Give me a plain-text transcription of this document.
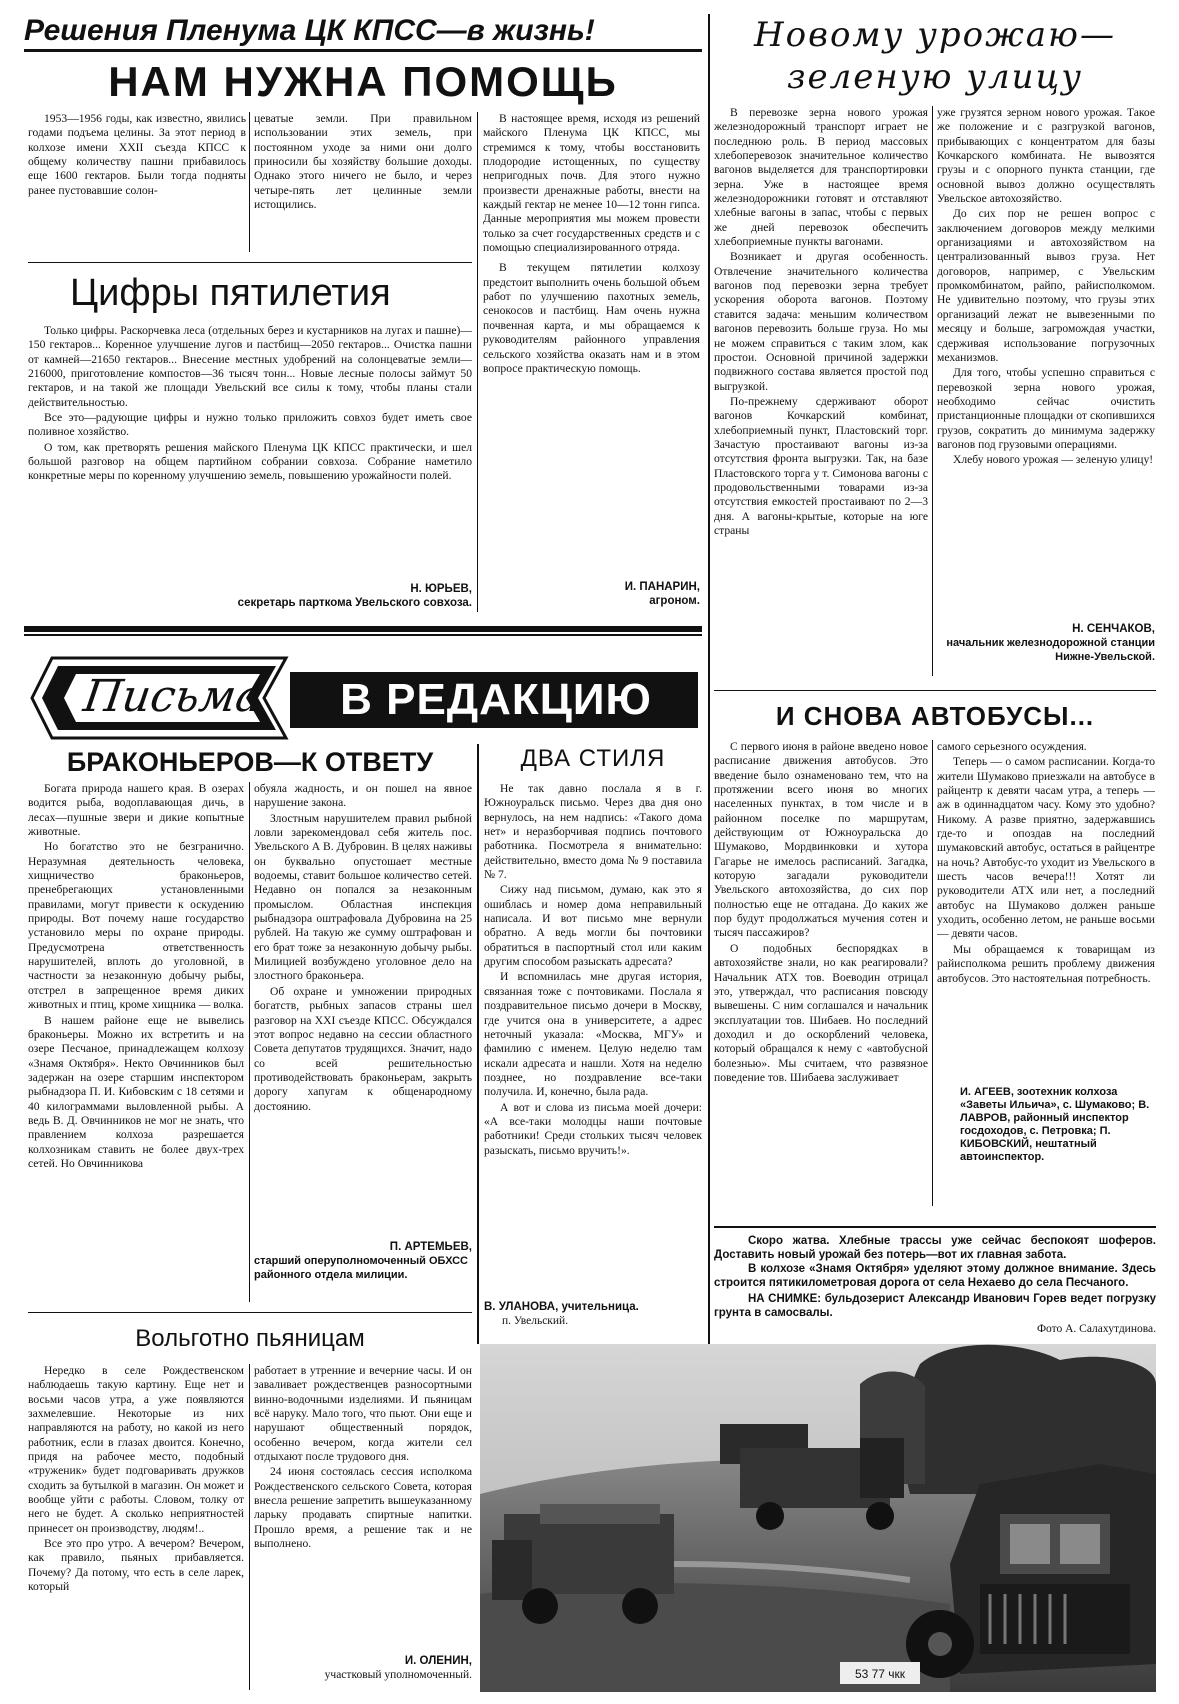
Решения Пленума ЦК КПСС—в жизнь!
НАМ НУЖНА ПОМОЩЬ

1953—1956 годы, как известно, явились годами подъема целины. За этот период в колхозе имени XXII съезда КПСС к общему количеству пашни прибавилось еще 1600 гектаров. Были тогда подняты ранее пустовавшие солон-

цеватые земли. При правильном использовании этих земель, при постоянном уходе за ними они долго приносили бы хозяйству большие доходы. Однако этого ничего не было, и через четыре-пять лет целинные земли истощились.

В настоящее время, исходя из решений майского Пленума ЦК КПСС, мы стремимся к тому, чтобы восстановить плодородие истощенных, по существу непригодных почв. Для этого нужно произвести дренажные работы, внести на каждый гектар не менее 10—12 тонн гипса. Данные мероприятия мы можем провести только за счет государственных средств и с помощью специализированного отряда.

В текущем пятилетии колхозу предстоит выполнить очень большой объем работ по улучшению пахотных земель, сенокосов и пастбищ. Нам очень нужна почвенная карта, и мы обращаемся к руководителям районного управления сельского хозяйства оказать нам и в этом вопросе практическую помощь.

И. ПАНАРИН,
агроном.
Цифры пятилетия

Только цифры. Раскорчевка леса (отдельных берез и кустарников на лугах и пашне)—150 гектаров... Коренное улучшение лугов и пастбищ—2050 гектаров... Очистка пашни от камней—21650 гектаров... Внесение местных удобрений на солонцеватые земли—216000, приготовление компостов—36 тысяч тонн... Новые лесные полосы займут 50 гектаров, и на такой же площади Увельский все силы к тому, чтобы планы стали действительностью.

Все это—радующие цифры и нужно только приложить совхоз будет иметь свое поливное хозяйство.

О том, как претворять решения майского Пленума ЦК КПСС практически, и шел большой разговор на общем партийном собрании совхоза. Собрание наметило конкретные меры по коренному улучшению земель, повышению урожайности полей.

Н. ЮРЬЕВ,
секретарь парткома Увельского совхоза.
Новому урожаю— зеленую улицу

В перевозке зерна нового урожая железнодорожный транспорт играет не последнюю роль. В период массовых хлебоперевозок значительное количество вагонов выделяется для транспортировки зерна. Уже в настоящее время железнодорожники готовят и отставляют хлебные вагоны в запас, чтобы с первых же дней перевозок обеспечить хлебоприемные пункты вагонами.

Возникает и другая особенность. Отвлечение значительного количества вагонов под перевозки зерна требует ускорения оборота вагонов. Поэтому ставится задача: меньшим количеством вагонов перевозить больше груза. Но мы не можем справиться с таким злом, как простои. Основной причиной задержки подвижного состава является простой под выгрузкой.

По-прежнему сдерживают оборот вагонов Кочкарский комбинат, хлебоприемный пункт, Пластовский торг. Зачастую простаивают вагоны из-за отсутствия фронта выгрузки. Так, на базе Пластовского торга у т. Симонова вагоны с продовольственными товарами из-за отсутствия емкостей простаивают по 2—3 дня. А вагоны-крытые, которые на юге страны

уже грузятся зерном нового урожая. Такое же положение и с разгрузкой вагонов, прибывающих с концентратом для базы Кочкарского комбината. Не вывозятся грузы и с опорного пункта станции, где основной вывоз должно осуществлять Увельское автохозяйство.

До сих пор не решен вопрос с заключением договоров между мелкими организациями и автохозяйством на централизованный вывоз груза. Нет договоров, например, с Увельским промкомбинатом, райпо, райисполкомом. Не удивительно поэтому, что грузы этих организаций лежат не вывезенными по месяцу и больше, загромождая участки, сдерживая использование погрузочных механизмов.

Для того, чтобы успешно справиться с перевозкой зерна нового урожая, необходимо сейчас очистить пристанционные площадки от скопившихся грузов, сократить до минимума задержку вагонов под грузовыми операциями.

Хлебу нового урожая — зеленую улицу!

Н. СЕНЧАКОВ,
начальник железнодорожной станции Нижне-Увельской.
Письма	В РЕДАКЦИЮ
БРАКОНЬЕРОВ—К ОТВЕТУ

Богата природа нашего края. В озерах водится рыба, водоплавающая дичь, в лесах—пушные звери и дикие копытные животные.

Но богатство это не безгранично. Неразумная деятельность человека, хищничество браконьеров, пренебрегающих установленными правилами, могут привести к оскудению природы. Вот почему наше государство установило меры по охране природы. Предусмотрена ответственность нарушителей, вплоть до уголовной, в частности за незаконную добычу рыбы, отстрел в запрещенное время диких животных и птиц, кроме хищника — волка.

В нашем районе еще не вывелись браконьеры. Можно их встретить и на озере Песчаное, принадлежащем колхозу «Знамя Октября». Некто Овчинников был задержан на озере старшим инспектором рыбнадзора П. И. Кибовским с 18 сетями и 40 килограммами выловленной рыбы. А ведь В. Д. Овчинников не мог не знать, что правлением колхоза разрешается колхозникам ставить не более двух-трех сетей. Но Овчинникова

обуяла жадность, и он пошел на явное нарушение закона.

Злостным нарушителем правил рыбной ловли зарекомендовал себя житель пос. Увельского А В. Дубровин. В целях наживы он буквально опустошает местные водоемы, ставит большое количество сетей. Недавно он попался за незаконным промыслом. Областная инспекция рыбнадзора оштрафовала Дубровина на 25 рублей. На такую же сумму оштрафован и его брат тоже за незаконную добычу рыбы. Милицией возбуждено уголовное дело на злостного браконьера.

Об охране и умножении природных богатств, рыбных запасов страны шел разговор на XXI съезде КПСС. Обсуждался этот вопрос недавно на сессии областного Совета депутатов трудящихся. Значит, надо со всей решительностью противодействовать браконьерам, закрыть дорогу хапугам к общенародному достоянию.

П. АРТЕМЬЕВ,
старший оперуполномоченный ОБХСС районного отдела милиции.
ДВА СТИЛЯ

Не так давно послала я в г. Южноуральск письмо. Через два дня оно вернулось, на нем надпись: «Такого дома нет» и неразборчивая подпись почтового работника. Посмотрела я внимательно: действительно, вместо дома № 9 поставила № 7.

Сижу над письмом, думаю, как это я ошиблась и номер дома неправильный написала. И вот письмо мне вернули обратно. А ведь могли бы почтовики обратиться в паспортный стол или каким другим способом разыскать адресата?

И вспомнилась мне другая история, связанная тоже с почтовиками. Послала я поздравительное письмо дочери в Москву, где учится она в университете, а адрес неточный указала: «Москва, МГУ» и фамилию с именем. Целую неделю там искали адресата и нашли. Хотя на неделю позднее, но поздравление все-таки получила. И, конечно, была рада.

А вот и слова из письма моей дочери: «А все-таки молодцы наши почтовые работники! Среди стольких тысяч человек разыскать, письмо вручить!».

В. УЛАНОВА, учительница.
п. Увельский.
И СНОВА АВТОБУСЫ...

С первого июня в районе введено новое расписание движения автобусов. Это введение было ознаменовано тем, что на протяжении всего июня во многих населенных пунктах, в том числе и в районном поселке по маршрутам, действующим от Южноуральска до Шумаково, Мордвинковки и хутора Гагарье не имелось расписаний. Загадка, которую загадали руководители Увельского автохозяйства, до сих пор полностью еще не отгадана. До каких же пор будут продолжаться мучения сотен и тысяч пассажиров?

О подобных беспорядках в автохозяйстве знали, но как реагировали? Начальник АТХ тов. Воеводин отрицал это, утверждал, что расписания повсюду вывешены. С ним соглашался и начальник эксплуатации тов. Шибаев. Но последний доходил и до оскорблений человека, который обращался к нему с «автобусной болезнью». Мы считаем, что развязное поведение тов. Шибаева заслуживает

самого серьезного осуждения.

Теперь — о самом расписании. Когда-то жители Шумаково приезжали на автобусе в райцентр к девяти часам утра, а теперь — аж в одиннадцатом часу. Кому это удобно? Никому. А разве приятно, задержавшись где-то и опоздав на последний шумаковский автобус, остаться в райцентре на ночь? Автобус-то уходит из Увельского в шесть часов вечера!!! Хотят ли руководители АТХ или нет, а последний автобус на Шумаково должен раньше уходить, особенно летом, не раньше восьми — девяти часов.

Мы обращаемся к товарищам из райисполкома решить проблему движения автобусов. Это настоятельная потребность.

И. АГЕЕВ, зоотехник колхоза «Заветы Ильича», с. Шумаково; В. ЛАВРОВ, районный инспектор госдоходов, с. Петровка; П. КИБОВСКИЙ, нештатный автоинспектор.
Скоро жатва. Хлебные трассы уже сейчас беспокоят шоферов. Доставить новый урожай без потерь—вот их главная забота.
В колхозе «Знамя Октября» уделяют этому должное внимание. Здесь строится пятикилометровая дорога от села Нехаево до села Песчаного.
НА СНИМКЕ: бульдозерист Александр Иванович Горев ведет погрузку грунта в самосвалы.
Фото А. Салахутдинова.
53 77 чкк
Вольготно пьяницам

Нередко в селе Рождественском наблюдаешь такую картину. Еще нет и восьми часов утра, а уже появляются захмелевшие. Некоторые из них направляются на работу, но какой из него работник, если в глазах двоится. Конечно, придя на рабочее место, подобный «труженик» будет подговаривать дружков сходить за бутылкой в магазин. Он может и вообще уйти с работы. Словом, толку от него не будет. А сколько неприятностей принесет он производству, людям!..

Все это про утро. А вечером? Вечером, как правило, пьяных прибавляется. Почему? Да потому, что есть в селе ларек, который

работает в утренние и вечерние часы. И он заваливает рождественцев разносортными винно-водочными изделиями. И пьяницам всё наруку. Мало того, что пьют. Они еще и нарушают общественный порядок, особенно вечером, когда жители сел отдыхают после трудового дня.

24 июня состоялась сессия исполкома Рождественского сельского Совета, которая внесла решение запретить вышеуказанному ларьку продавать спиртные напитки. Прошло время, а решение так и не выполнено.

И. ОЛЕНИН,
участковый уполномоченный.
